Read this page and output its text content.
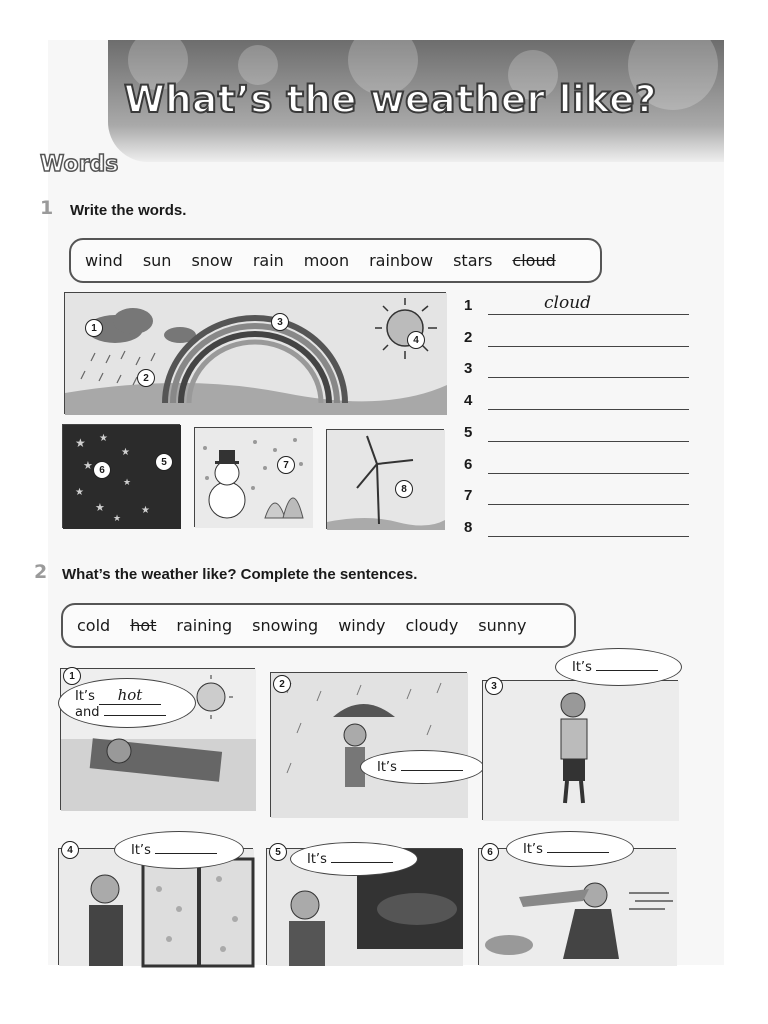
What’s the weather like?
Words
1 Write the words.
wind sun snow rain moon rainbow stars cloud
1
2
3
4
★ ★
★
★
★
★
★
★
★
6
5	7
8
1	cloud
2
3
4
5
6
7
8
2 What’s the weather like? Complete the sentences.
cold hot raining snowing windy cloudy sunny
1
It’s hot
and
2
It’s
3
It’s
4	It’s	5	It’s	6	It’s
